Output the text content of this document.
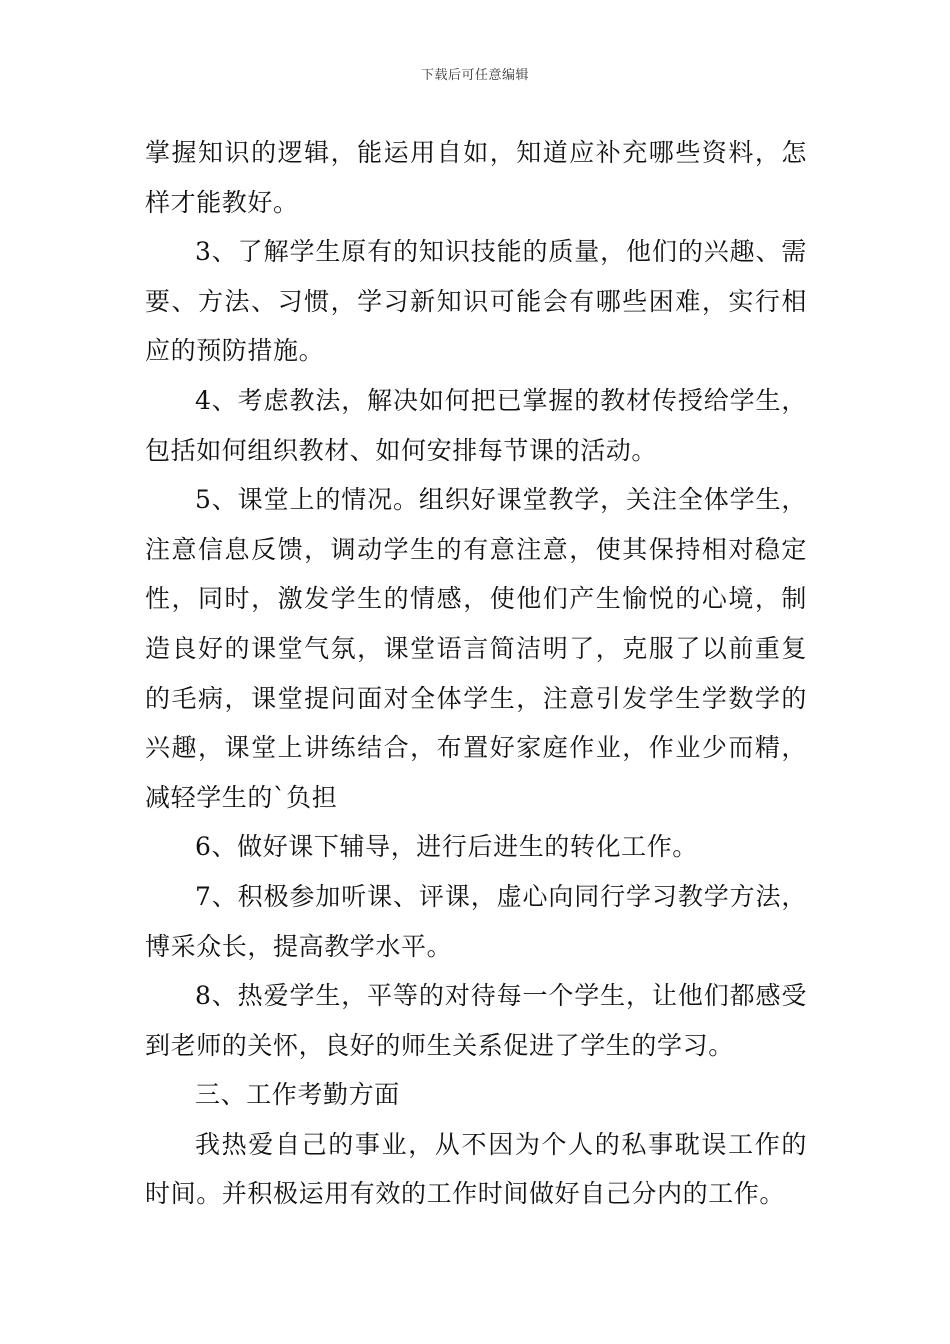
下载后可任意编辑

掌握知识的逻辑，能运用自如，知道应补充哪些资料，怎样才能教好。

3、了解学生原有的知识技能的质量，他们的兴趣、需要、方法、习惯，学习新知识可能会有哪些困难，实行相应的预防措施。

4、考虑教法，解决如何把已掌握的教材传授给学生，包括如何组织教材、如何安排每节课的活动。

5、课堂上的情况。组织好课堂教学，关注全体学生，注意信息反馈，调动学生的有意注意，使其保持相对稳定性，同时，激发学生的情感，使他们产生愉悦的心境，制造良好的课堂气氛，课堂语言简洁明了，克服了以前重复的毛病，课堂提问面对全体学生，注意引发学生学数学的兴趣，课堂上讲练结合，布置好家庭作业，作业少而精，减轻学生的`负担

6、做好课下辅导，进行后进生的转化工作。

7、积极参加听课、评课，虚心向同行学习教学方法，博采众长，提高教学水平。

8、热爱学生，平等的对待每一个学生，让他们都感受到老师的关怀，良好的师生关系促进了学生的学习。

三、工作考勤方面

我热爱自己的事业，从不因为个人的私事耽误工作的时间。并积极运用有效的工作时间做好自己分内的工作。
